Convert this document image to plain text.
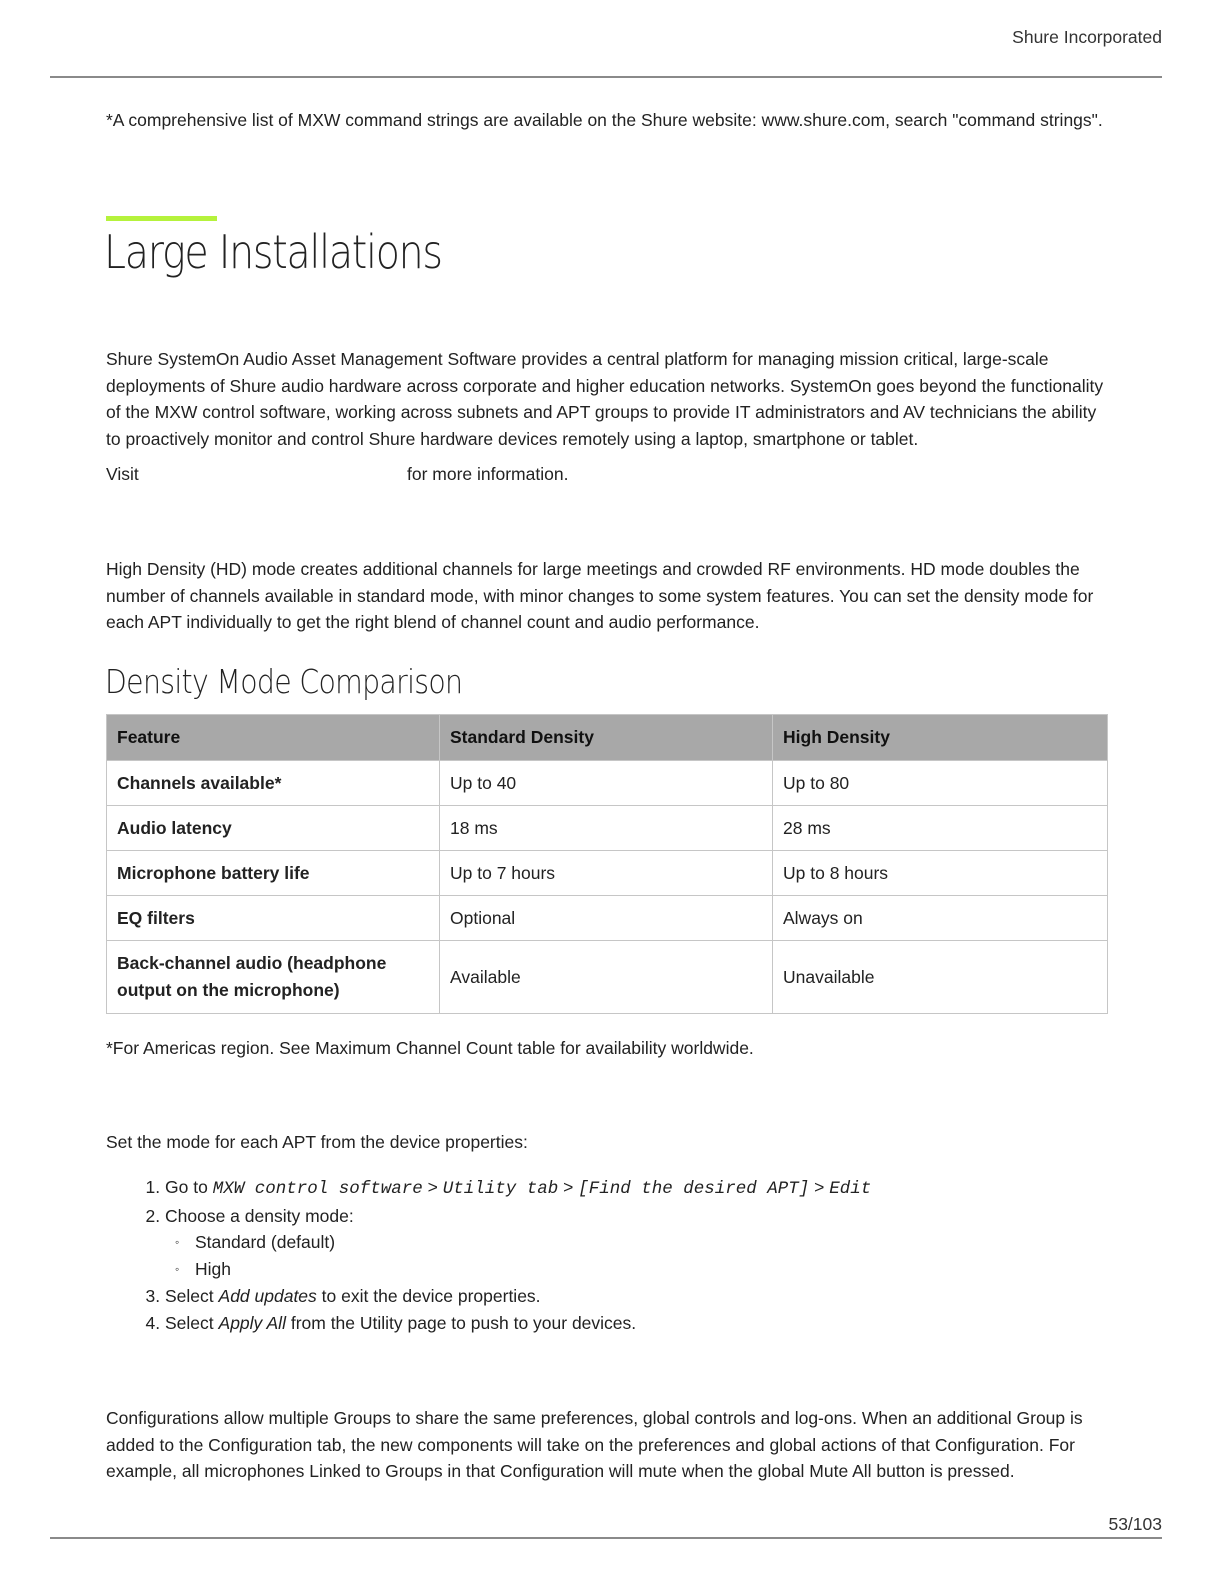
Shure Incorporated
*A comprehensive list of MXW command strings are available on the Shure website: www.shure.com, search "command strings".
Large Installations
Shure SystemOn Audio Asset Management Software provides a central platform for managing mission critical, large-scale deployments of Shure audio hardware across corporate and higher education networks. SystemOn goes beyond the functionality of the MXW control software, working across subnets and APT groups to provide IT administrators and AV technicians the ability to proactively monitor and control Shure hardware devices remotely using a laptop, smartphone or tablet.
Visit	for more information.
High Density (HD) mode creates additional channels for large meetings and crowded RF environments. HD mode doubles the number of channels available in standard mode, with minor changes to some system features. You can set the density mode for each APT individually to get the right blend of channel count and audio performance.
Density Mode Comparison
Feature	Standard Density	High Density
Channels available*	Up to 40	Up to 80
Audio latency	18 ms	28 ms
Microphone battery life	Up to 7 hours	Up to 8 hours
EQ filters	Optional	Always on
Back-channel audio (headphone output on the microphone)	Available	Unavailable
*For Americas region. See Maximum Channel Count table for availability worldwide.
Set the mode for each APT from the device properties:
1. Go to MXW control software > Utility tab > [Find the desired APT] > Edit
2. Choose a density mode:
◦ Standard (default)
◦ High
3. Select Add updates to exit the device properties.
4. Select Apply All from the Utility page to push to your devices.
Configurations allow multiple Groups to share the same preferences, global controls and log-ons. When an additional Group is added to the Configuration tab, the new components will take on the preferences and global actions of that Configuration. For example, all microphones Linked to Groups in that Configuration will mute when the global Mute All button is pressed.
53/103
